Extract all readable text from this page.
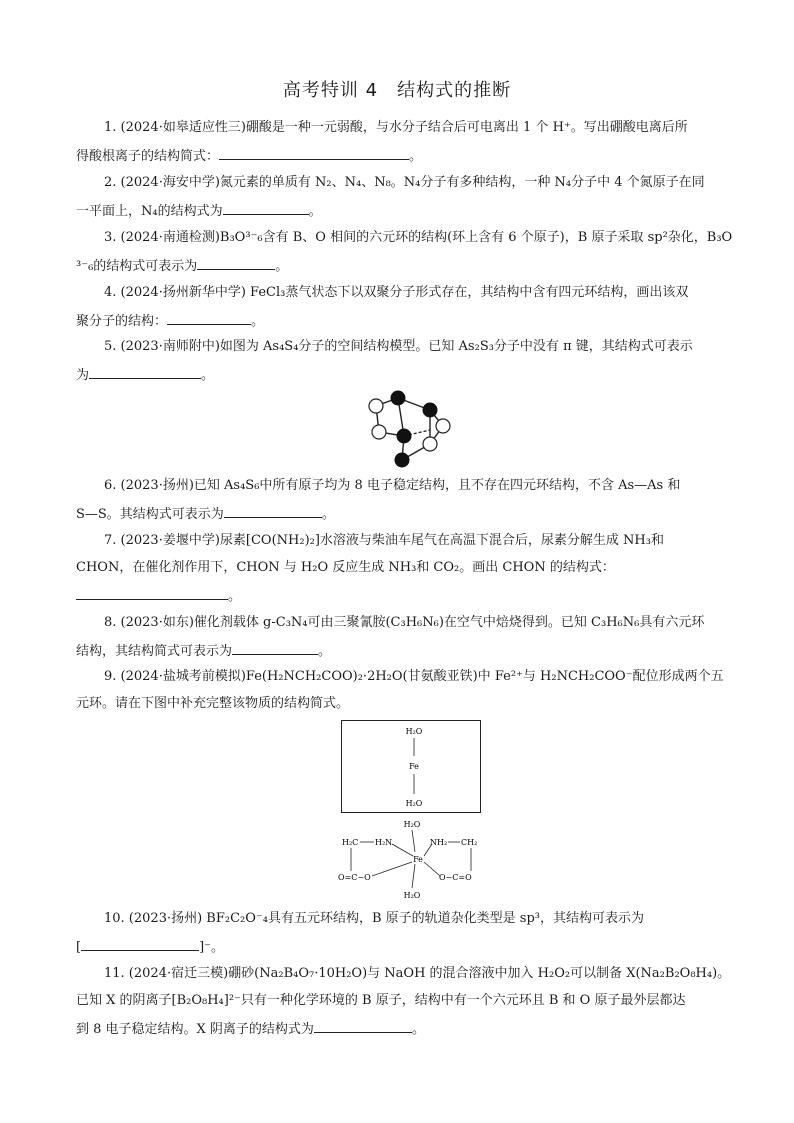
高考特训 4　结构式的推断
1. (2024·如皋适应性三)硼酸是一种一元弱酸，与水分子结合后可电离出 1 个 H⁺。写出硼酸电离后所
得酸根离子的结构简式：	。
2. (2024·海安中学)氮元素的单质有 N₂、N₄、N₈。N₄分子有多种结构，一种 N₄分子中 4 个氮原子在同
一平面上，N₄的结构式为	。
3. (2024·南通检测)B₃O³⁻₆含有 B、O 相间的六元环的结构(环上含有 6 个原子)，B 原子采取 sp²杂化，B₃O
³⁻₆的结构式可表示为	。
4. (2024·扬州新华中学) FeCl₃蒸气状态下以双聚分子形式存在，其结构中含有四元环结构，画出该双
聚分子的结构：	。
5. (2023·南师附中)如图为 As₄S₄分子的空间结构模型。已知 As₂S₃分子中没有 π 键，其结构式可表示
为	。
6. (2023·扬州)已知 As₄S₆中所有原子均为 8 电子稳定结构，且不存在四元环结构，不含 As—As 和
S—S。其结构式可表示为	。
7. (2023·姜堰中学)尿素[CO(NH₂)₂]水溶液与柴油车尾气在高温下混合后，尿素分解生成 NH₃和
CHON，在催化剂作用下，CHON 与 H₂O 反应生成 NH₃和 CO₂。画出 CHON 的结构式：
。
8. (2023·如东)催化剂载体 g-C₃N₄可由三聚氰胺(C₃H₆N₆)在空气中焙烧得到。已知 C₃H₆N₆具有六元环
结构，其结构简式可表示为	。
9. (2024·盐城考前模拟)Fe(H₂NCH₂COO)₂·2H₂O(甘氨酸亚铁)中 Fe²⁺与 H₂NCH₂COO⁻配位形成两个五
元环。请在下图中补充完整该物质的结构简式。
H₂O
Fe
H₂O
H₂O
Fe
H₂O
H₂C H₂N	NH₂ CH₂
O=C−O	O−C=O
10. (2023·扬州) BF₂C₂O⁻₄具有五元环结构，B 原子的轨道杂化类型是 sp³，其结构可表示为
[	]⁻。
11. (2024·宿迁三模)硼砂(Na₂B₄O₇·10H₂O)与 NaOH 的混合溶液中加入 H₂O₂可以制备 X(Na₂B₂O₈H₄)。
已知 X 的阴离子[B₂O₈H₄]²⁻只有一种化学环境的 B 原子，结构中有一个六元环且 B 和 O 原子最外层都达
到 8 电子稳定结构。X 阴离子的结构式为	。
